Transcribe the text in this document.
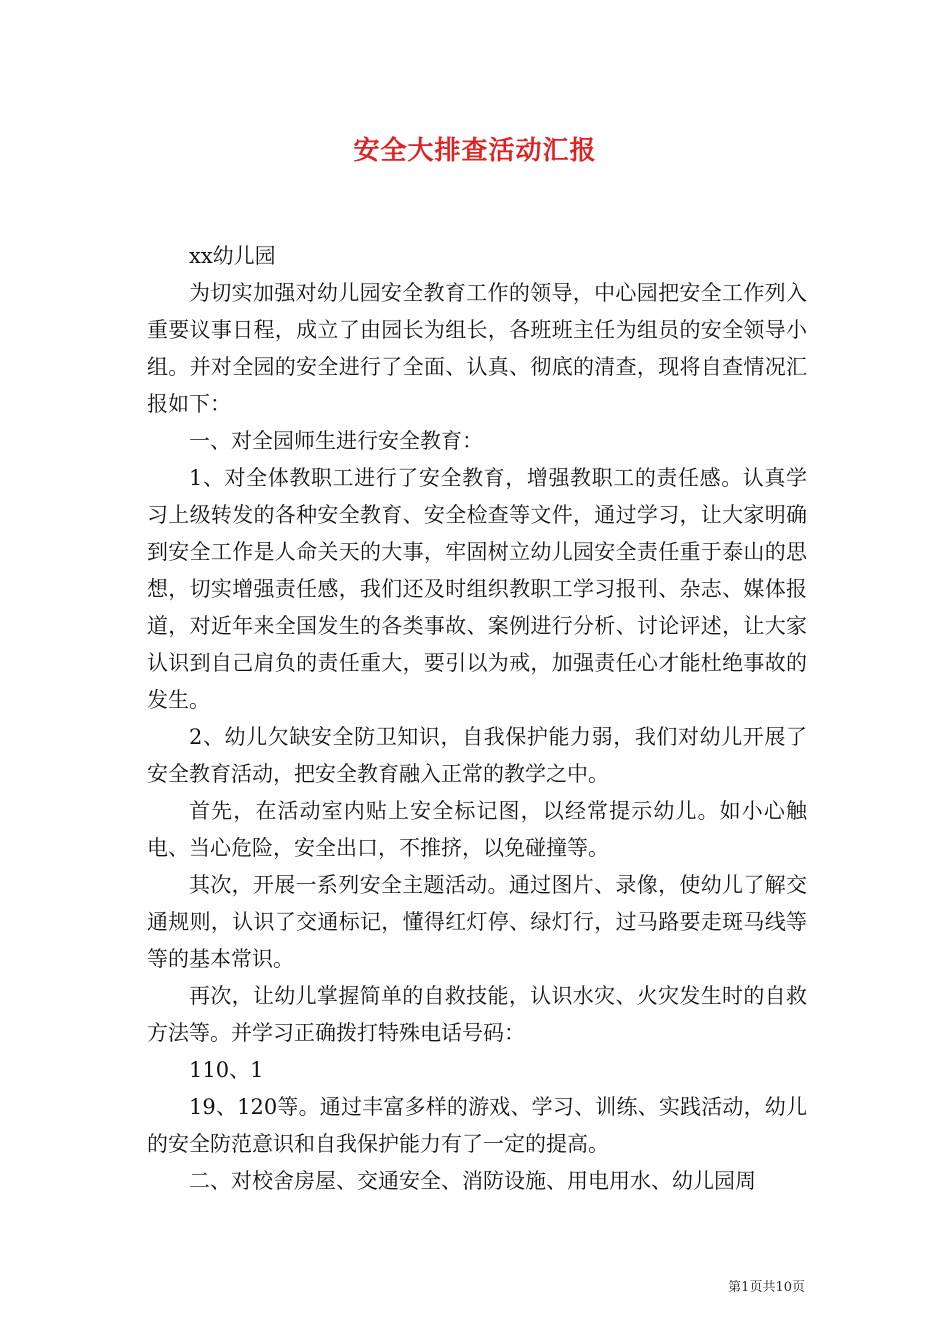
安全大排查活动汇报

xx幼儿园

为切实加强对幼儿园安全教育工作的领导，中心园把安全工作列入重要议事日程，成立了由园长为组长，各班班主任为组员的安全领导小组。并对全园的安全进行了全面、认真、彻底的清查，现将自查情况汇报如下：

一、对全园师生进行安全教育：

1、对全体教职工进行了安全教育，增强教职工的责任感。认真学习上级转发的各种安全教育、安全检查等文件，通过学习，让大家明确到安全工作是人命关天的大事，牢固树立幼儿园安全责任重于泰山的思想，切实增强责任感，我们还及时组织教职工学习报刊、杂志、媒体报道，对近年来全国发生的各类事故、案例进行分析、讨论评述，让大家认识到自己肩负的责任重大，要引以为戒，加强责任心才能杜绝事故的发生。

2、幼儿欠缺安全防卫知识，自我保护能力弱，我们对幼儿开展了安全教育活动，把安全教育融入正常的教学之中。

首先，在活动室内贴上安全标记图，以经常提示幼儿。如小心触电、当心危险，安全出口，不推挤，以免碰撞等。

其次，开展一系列安全主题活动。通过图片、录像，使幼儿了解交通规则，认识了交通标记，懂得红灯停、绿灯行，过马路要走斑马线等等的基本常识。

再次，让幼儿掌握简单的自救技能，认识水灾、火灾发生时的自救方法等。并学习正确拨打特殊电话号码：

110、1

19、120等。通过丰富多样的游戏、学习、训练、实践活动，幼儿的安全防范意识和自我保护能力有了一定的提高。

二、对校舍房屋、交通安全、消防设施、用电用水、幼儿园周

第1页共10页
